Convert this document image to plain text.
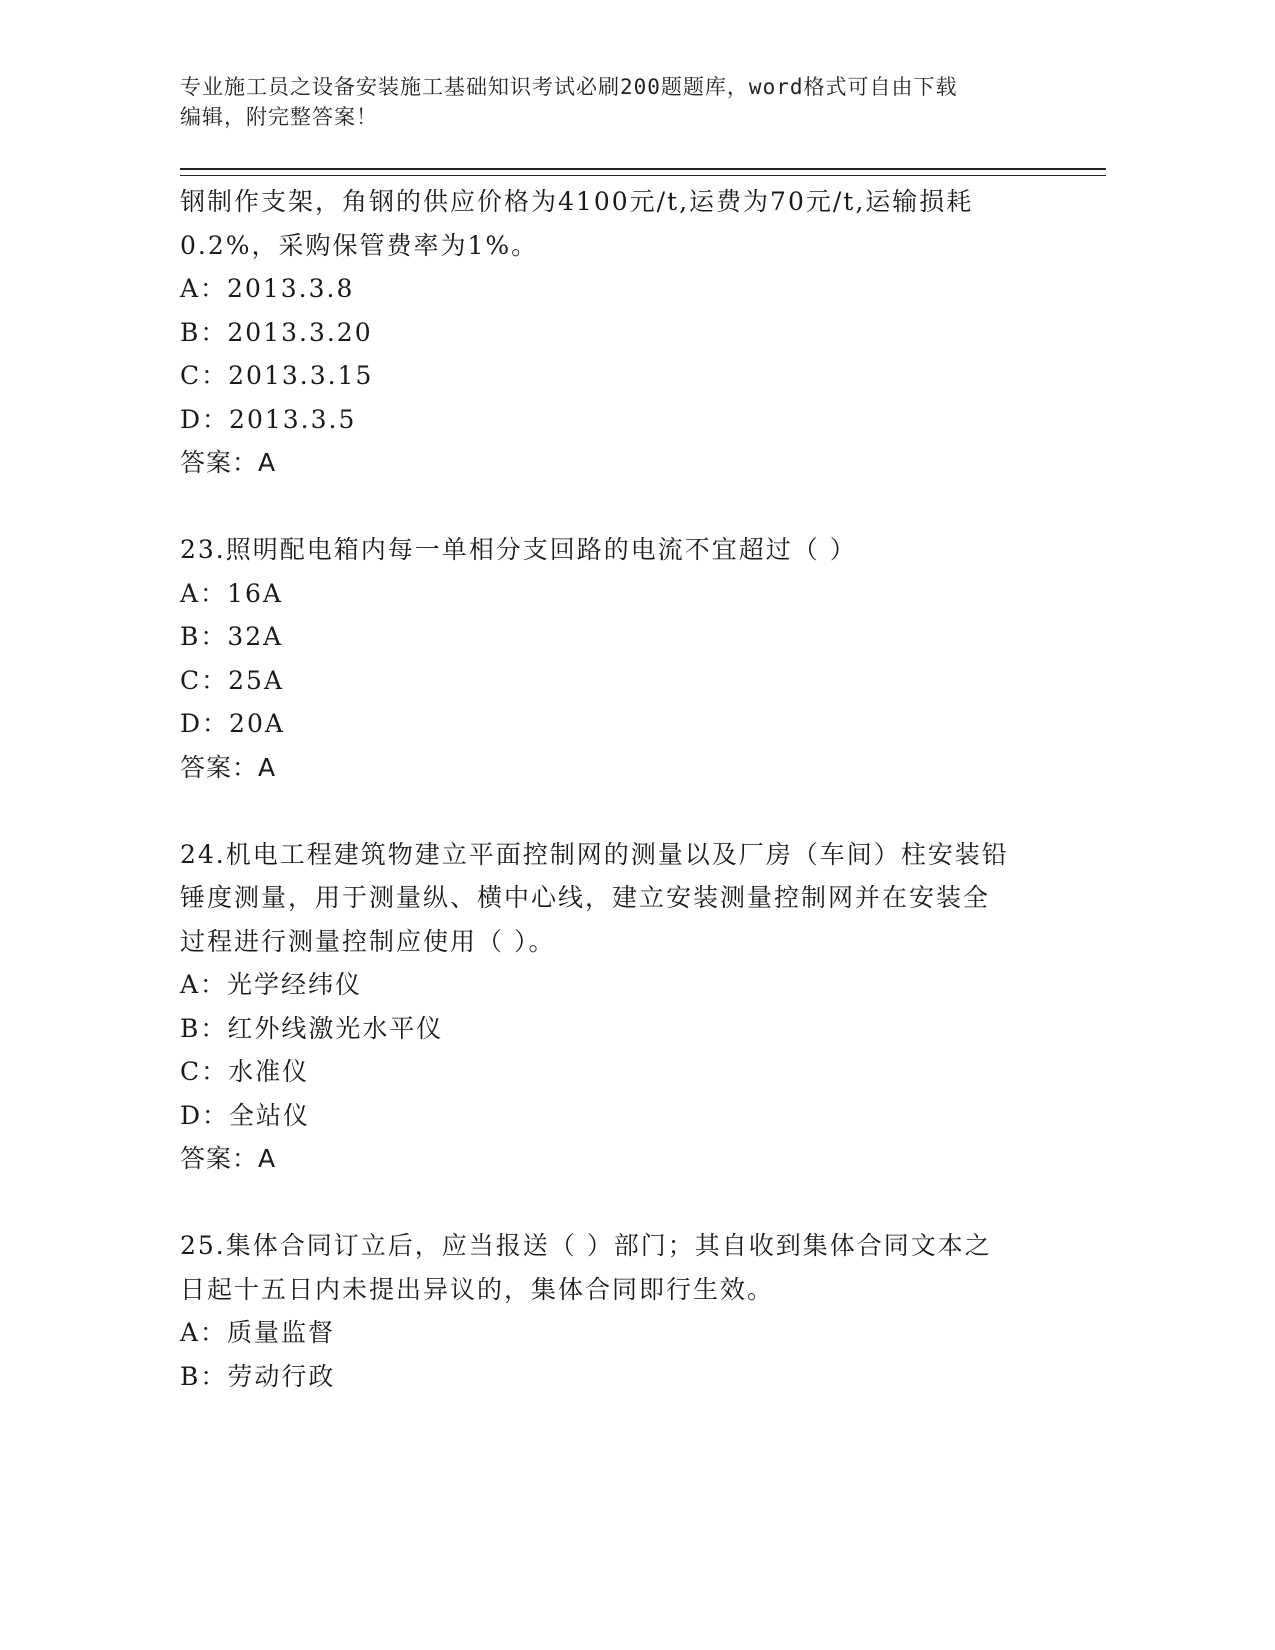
专业施工员之设备安装施工基础知识考试必刷200题题库，word格式可自由下载
编辑，附完整答案！
钢制作支架，角钢的供应价格为4100元/t,运费为70元/t,运输损耗
0.2%，采购保管费率为1%。
A：2013.3.8
B：2013.3.20
C：2013.3.15
D：2013.3.5
答案：A
23.照明配电箱内每一单相分支回路的电流不宜超过（ ）
A：16A
B：32A
C：25A
D：20A
答案：A
24.机电工程建筑物建立平面控制网的测量以及厂房（车间）柱安装铅
锤度测量，用于测量纵、横中心线，建立安装测量控制网并在安装全
过程进行测量控制应使用（ ）。
A：光学经纬仪
B：红外线激光水平仪
C：水准仪
D：全站仪
答案：A
25.集体合同订立后，应当报送（ ）部门；其自收到集体合同文本之
日起十五日内未提出异议的，集体合同即行生效。
A：质量监督
B：劳动行政
